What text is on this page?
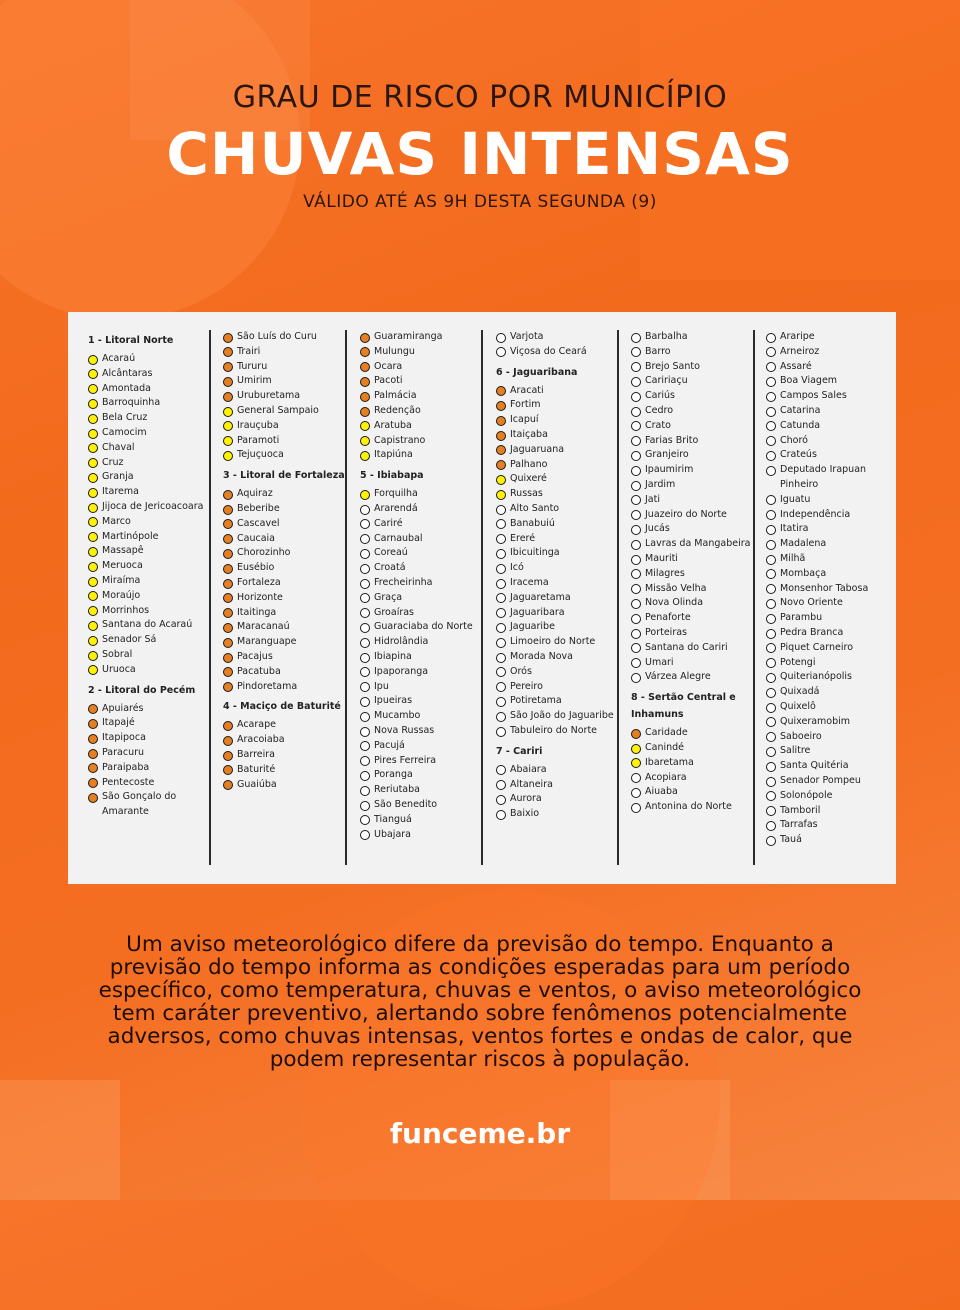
GRAU DE RISCO POR MUNICÍPIO
CHUVAS INTENSAS
VÁLIDO ATÉ AS 9H DESTA SEGUNDA (9)
1 - Litoral Norte
Acaraú
Alcântaras
Amontada
Barroquinha
Bela Cruz
Camocim
Chaval
Cruz
Granja
Itarema
Jijoca de Jericoacoara
Marco
Martinópole
Massapê
Meruoca
Miraíma
Moraújo
Morrinhos
Santana do Acaraú
Senador Sá
Sobral
Uruoca
2 - Litoral do Pecém
Apuiarés
Itapajé
Itapipoca
Paracuru
Paraipaba
Pentecoste
São Gonçalo do Amarante
São Luís do Curu
Trairi
Tururu
Umirim
Uruburetama
General Sampaio
Irauçuba
Paramoti
Tejuçuoca
3 - Litoral de Fortaleza
Aquiraz
Beberibe
Cascavel
Caucaia
Chorozinho
Eusébio
Fortaleza
Horizonte
Itaitinga
Maracanaú
Maranguape
Pacajus
Pacatuba
Pindoretama
4 - Maciço de Baturité
Acarape
Aracoiaba
Barreira
Baturité
Guaiúba
Guaramiranga
Mulungu
Ocara
Pacoti
Palmácia
Redenção
Aratuba
Capistrano
Itapiúna
5 - Ibiabapa
Forquilha
Ararendá
Cariré
Carnaubal
Coreaú
Croatá
Frecheirinha
Graça
Groaíras
Guaraciaba do Norte
Hidrolândia
Ibiapina
Ipaporanga
Ipu
Ipueiras
Mucambo
Nova Russas
Pacujá
Pires Ferreira
Poranga
Reriutaba
São Benedito
Tianguá
Ubajara
Varjota
Viçosa do Ceará
6 - Jaguaribana
Aracati
Fortim
Icapuí
Itaiçaba
Jaguaruana
Palhano
Quixeré
Russas
Alto Santo
Banabuiú
Ereré
Ibicuitinga
Icó
Iracema
Jaguaretama
Jaguaribara
Jaguaribe
Limoeiro do Norte
Morada Nova
Orós
Pereiro
Potiretama
São João do Jaguaribe
Tabuleiro do Norte
7 - Cariri
Abaiara
Altaneira
Aurora
Baixio
Barbalha
Barro
Brejo Santo
Caririaçu
Cariús
Cedro
Crato
Farias Brito
Granjeiro
Ipaumirim
Jardim
Jati
Juazeiro do Norte
Jucás
Lavras da Mangabeira
Mauriti
Milagres
Missão Velha
Nova Olinda
Penaforte
Porteiras
Santana do Cariri
Umari
Várzea Alegre
8 - Sertão Central e Inhamuns
Caridade
Canindé
Ibaretama
Acopiara
Aiuaba
Antonina do Norte
Araripe
Arneiroz
Assaré
Boa Viagem
Campos Sales
Catarina
Catunda
Choró
Crateús
Deputado Irapuan Pinheiro
Iguatu
Independência
Itatira
Madalena
Milhã
Mombaça
Monsenhor Tabosa
Novo Oriente
Parambu
Pedra Branca
Piquet Carneiro
Potengi
Quiterianópolis
Quixadá
Quixelô
Quixeramobim
Saboeiro
Salitre
Santa Quitéria
Senador Pompeu
Solonópole
Tamboril
Tarrafas
Tauá
Um aviso meteorológico difere da previsão do tempo. Enquanto a previsão do tempo informa as condições esperadas para um período específico, como temperatura, chuvas e ventos, o aviso meteorológico tem caráter preventivo, alertando sobre fenômenos potencialmente adversos, como chuvas intensas, ventos fortes e ondas de calor, que podem representar riscos à população.
funceme.br
